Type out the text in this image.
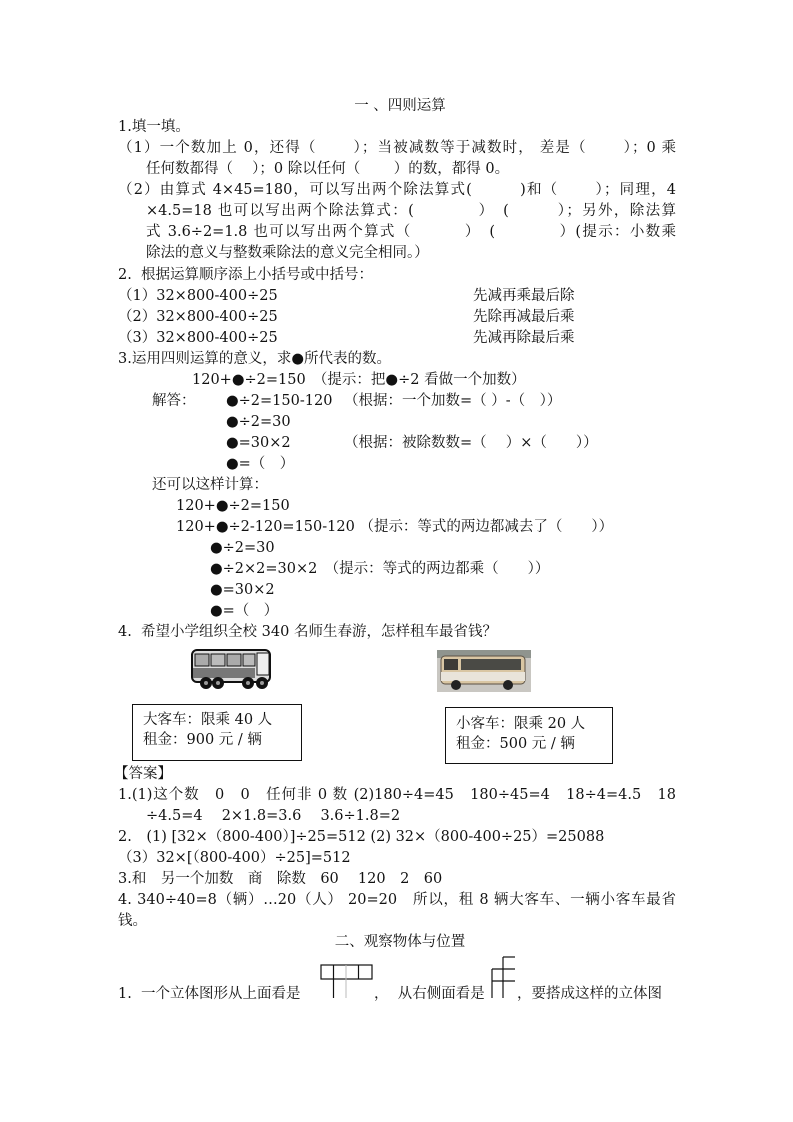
一 、四则运算
1.填一填。
（1）一个数加上 0，还得（　　 ）；当被减数等于减数时， 差是（　　 ）；0 乘
任何数都得（　 ）；0 除以任何（　　 ）的数，都得 0。
（2）由算式 4×45=180，可以写出两个除法算式(　　　)和（　　 ）；同理，4
×4.5=18 也可以写出两个除法算式：(　　　　）　(　　　）；另外，除法算
式 3.6÷2=1.8 也可以写出两个算式（　　　 ）　(　　　　）(提示：小数乘
除法的意义与整数乘除法的意义完全相同。）
2.  根据运算顺序添上小括号或中括号：
（1）32×800-400÷25	先减再乘最后除
（2）32×800-400÷25	先除再减最后乘
（3）32×800-400÷25	先减再除最后乘
3.运用四则运算的意义，求●所代表的数。
120+●÷2=150　（提示：把●÷2 看做一个加数）
解答： ●÷2=150-120 （根据：一个加数=（ ）-（　））
●÷2=30
●=30×2	（根据：被除数数=（　 ）×（　　））
●=（　）
还可以这样计算：
120+●÷2=150
120+●÷2-120=150-120 （提示：等式的两边都减去了（　　））
●÷2=30
●÷2×2=30×2　（提示：等式的两边都乘（　　））
●=30×2
●=（　）
4.  希望小学组织全校 340 名师生春游，怎样租车最省钱？
大客车：限乘 40 人
租金：900 元 / 辆
小客车：限乘 20 人
租金：500 元 / 辆
【答案】
1.(1)这个数　0　0　任何非 0 数 (2)180÷4=45　180÷45=4　18÷4=4.5　18
÷4.5=4　 2×1.8=3.6　 3.6÷1.8=2
2.　(1) [32×（800-400）]÷25=512 (2) 32×（800-400÷25）=25088
（3）32×[（800-400）÷25]=512
3.和　另一个加数　商　除数　60　 120　2　60
4. 340÷40=8（辆）…20（人） 20=20　所以，租 8 辆大客车、一辆小客车最省
钱。
二、观察物体与位置
1.  一个立体图形从上面看是	，  从右侧面看是 ，要搭成这样的立体图
